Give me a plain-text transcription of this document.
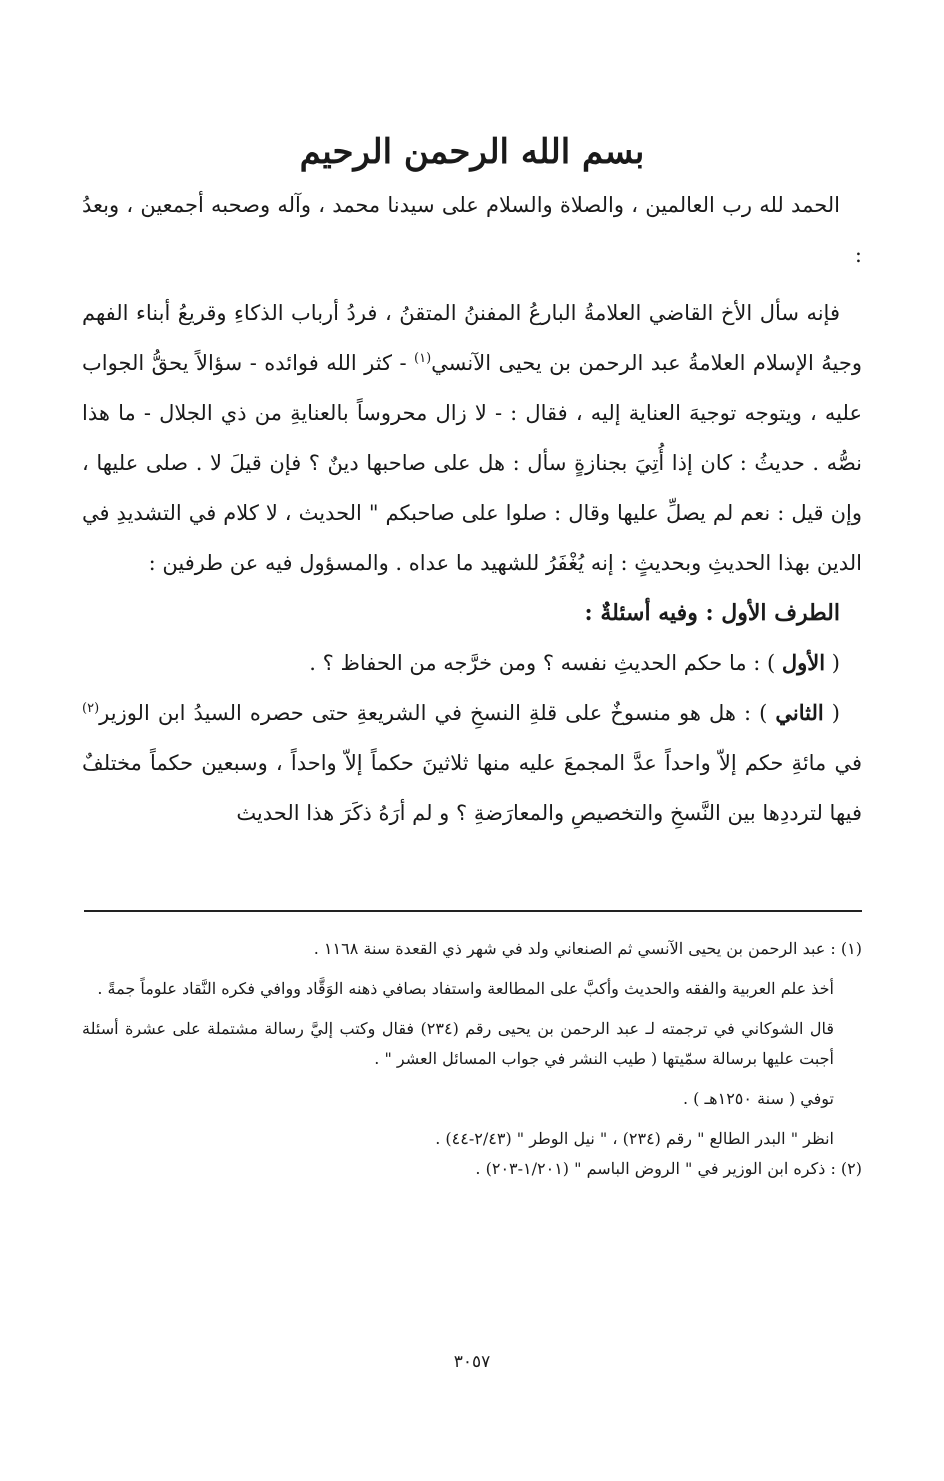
بسم الله الرحمن الرحيم

الحمد لله رب العالمين ، والصلاة والسلام على سيدنا محمد ، وآله وصحبه أجمعين ، وبعدُ :

فإنه سأل الأخ القاضي العلامةُ البارعُ المفننُ المتقنُ ، فردُ أرباب الذكاءِ وقريعُ أبناء الفهم وجيهُ الإسلام العلامةُ عبد الرحمن بن يحيى الآنسي$^{(١)}$ - كثر الله فوائده - سؤالاً يحقُّ الجواب عليه ، ويتوجه توجيهَ العناية إليه ، فقال : - لا زال محروساً بالعنايةِ من ذي الجلال - ما هذا نصُّه . حديثُ : كان إذا أُتِيَ بجنازةٍ سأل : هل على صاحبها دينٌ ؟ فإن قيلَ لا . صلى عليها ، وإن قيل : نعم لم يصلِّ عليها وقال : صلوا على صاحبكم " الحديث ، لا كلام في التشديدِ في الدين بهذا الحديثِ وبحديثٍ : إنه يُغْفَرُ للشهيد ما عداه . والمسؤول فيه عن طرفين :

الطرف الأول : وفيه أسئلةٌ :

( الأول ) : ما حكم الحديثِ نفسه ؟ ومن خرَّجه من الحفاظ ؟ .

( الثاني ) : هل هو منسوخٌ على قلةِ النسخِ في الشريعةِ حتى حصره السيدُ ابن الوزير$^{(٢)}$ في مائةِ حكم إلاّ واحداً عدَّ المجمعَ عليه منها ثلاثينَ حكماً إلاّ واحداً ، وسبعين حكماً مختلفٌ فيها لترددِها بين النَّسخِ والتخصيصِ والمعارَضةِ ؟ و لم أرَهُ ذكَرَ هذا الحديث

(١) : عبد الرحمن بن يحيى الآنسي ثم الصنعاني ولد في شهر ذي القعدة سنة ١١٦٨ .

أخذ علم العربية والفقه والحديث وأكبَّ على المطالعة واستفاد بصافي ذهنه الوَقَّاد ووافي فكره النَّقاد علوماً جمةً .

قال الشوكاني في ترجمته لـ عبد الرحمن بن يحيى رقم (٢٣٤) فقال وكتب إليَّ رسالة مشتملة على عشرة أسئلة أجبت عليها برسالة سمّيتها ( طيب النشر في جواب المسائل العشر " .

توفي ( سنة ١٢٥٠هـ ) .

انظر " البدر الطالع " رقم (٢٣٤) ، " نيل الوطر " (٢/٤٣-٤٤) .

(٢) : ذكره ابن الوزير في " الروض الباسم " (١/٢٠١-٢٠٣) .

٣٠٥٧
